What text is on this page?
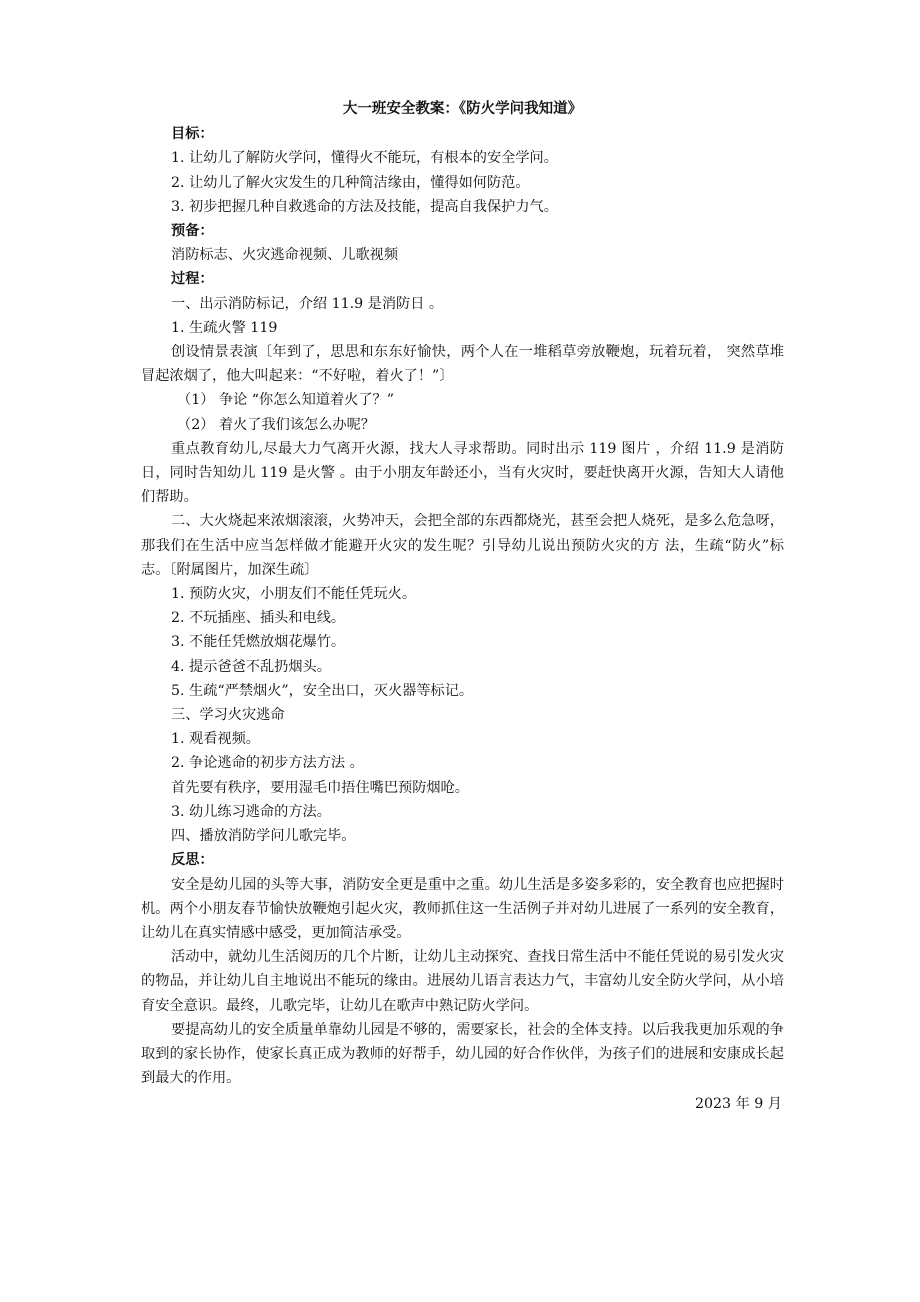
大一班安全教案：《防火学问我知道》
目标：
1. 让幼儿了解防火学问，懂得火不能玩，有根本的安全学问。
2. 让幼儿了解火灾发生的几种简洁缘由，懂得如何防范。
3. 初步把握几种自救逃命的方法及技能，提高自我保护力气。
预备：
消防标志、火灾逃命视频、儿歌视频
过程：
一、出示消防标记，介绍 11.9 是消防日 。
1. 生疏火警 119
创设情景表演〔年到了，思思和东东好愉快，两个人在一堆稻草旁放鞭炮，玩着玩着， 突然草堆冒起浓烟了，他大叫起来：“不好啦，着火了！”〕
（1） 争论 “你怎么知道着火了？”
（2） 着火了我们该怎么办呢？
重点教育幼儿,尽最大力气离开火源，找大人寻求帮助。同时出示 119 图片 ，介绍 11.9 是消防日，同时告知幼儿 119 是火警 。由于小朋友年龄还小，当有火灾时，要赶快离开火源，告知大人请他们帮助。
二、大火烧起来浓烟滚滚，火势冲天，会把全部的东西都烧光，甚至会把人烧死，是多么危急呀，那我们在生活中应当怎样做才能避开火灾的发生呢？引导幼儿说出预防火灾的方 法，生疏“防火”标志。〔附属图片，加深生疏〕
1. 预防火灾，小朋友们不能任凭玩火。
2. 不玩插座、插头和电线。
3. 不能任凭燃放烟花爆竹。
4. 提示爸爸不乱扔烟头。
5. 生疏“严禁烟火”，安全出口，灭火器等标记。
三、学习火灾逃命
1. 观看视频。
2. 争论逃命的初步方法方法 。
首先要有秩序，要用湿毛巾捂住嘴巴预防烟呛。
3. 幼儿练习逃命的方法。
四、播放消防学问儿歌完毕。
反思：
安全是幼儿园的头等大事，消防安全更是重中之重。幼儿生活是多姿多彩的，安全教育也应把握时机。两个小朋友春节愉快放鞭炮引起火灾，教师抓住这一生活例子并对幼儿进展了一系列的安全教育，让幼儿在真实情感中感受，更加简洁承受。
活动中，就幼儿生活阅历的几个片断，让幼儿主动探究、查找日常生活中不能任凭说的易引发火灾的物品，并让幼儿自主地说出不能玩的缘由。进展幼儿语言表达力气，丰富幼儿安全防火学问，从小培育安全意识。最终，儿歌完毕，让幼儿在歌声中熟记防火学问。
要提高幼儿的安全质量单靠幼儿园是不够的，需要家长，社会的全体支持。以后我我更加乐观的争取到的家长协作，使家长真正成为教师的好帮手，幼儿园的好合作伙伴，为孩子们的进展和安康成长起到最大的作用。
2023 年 9 月
